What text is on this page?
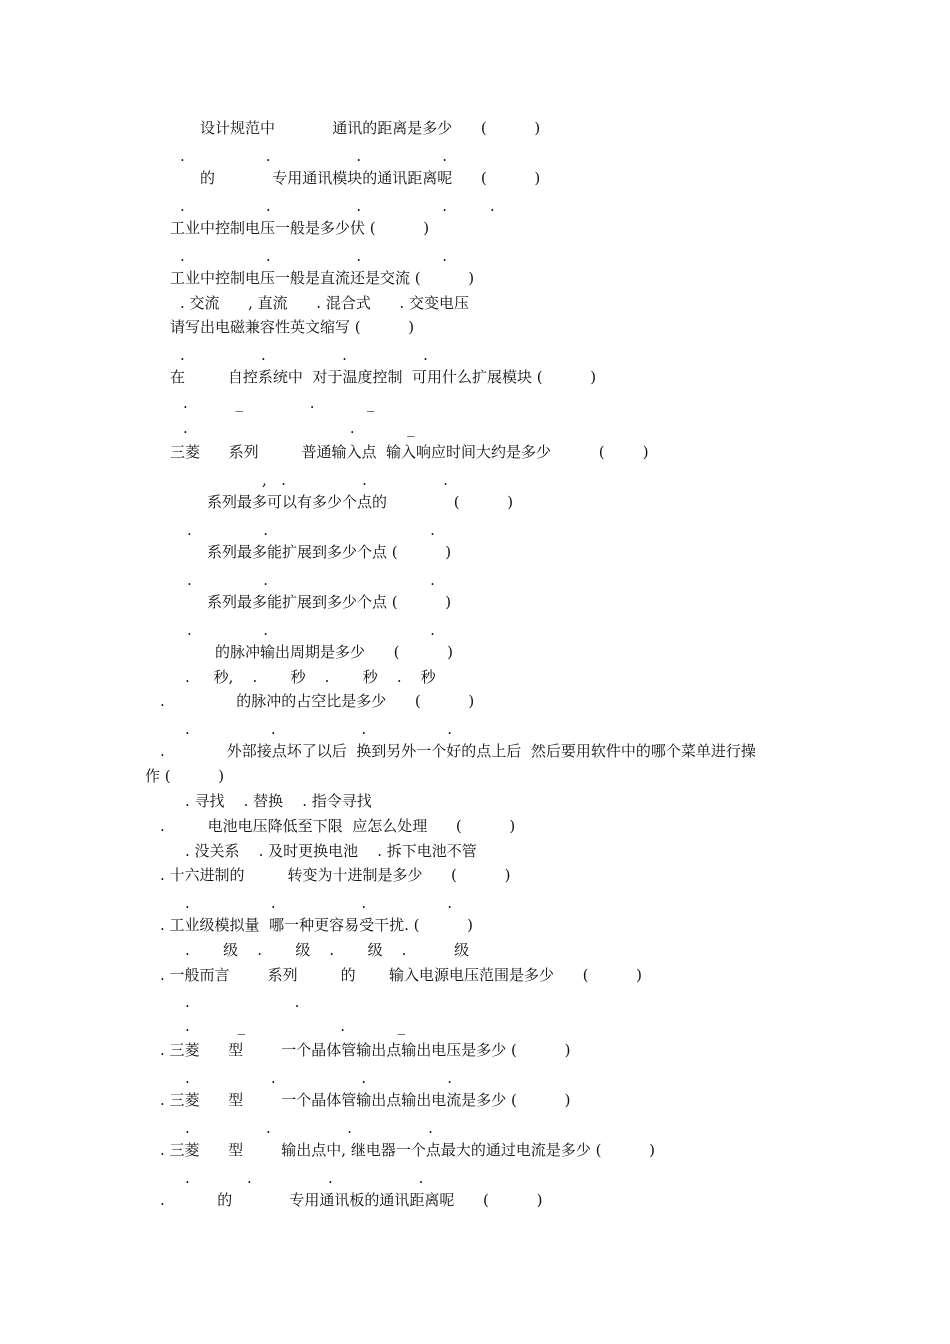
设计规范中            通讯的距离是多少      (          )
.                 .                  .                 .
的            专用通讯模块的通讯距离呢      (          )
.                 .                  .                 .         .
工业中控制电压一般是多少伏 (          )
.                 .                  .                 .
工业中控制电压一般是直流还是交流 (          )
. 交流      , 直流      . 混合式      . 交变电压
请写出电磁兼容性英文缩写 (          )
.                .                .                .
在         自控系统中  对于温度控制  可用什么扩展模块 (          )
.          _              .           _
.                                  .           _
三菱      系列         普通输入点  输入响应时间大约是多少          (        )
,   .                .                .
系列最多可以有多少个点的              (          )
.               .                                  .
系列最多能扩展到多少个点 (          )
.               .                                  .
系列最多能扩展到多少个点 (          )
.               .                                  .
的脉冲输出周期是多少      (          )
.     秒,    .       秒    .       秒    .    秒
.               的脉冲的占空比是多少      (          )
.                 .                  .                 .
.             外部接点坏了以后  换到另外一个好的点上后  然后要用软件中的哪个菜单进行操
作 (          )
. 寻找    . 替换    . 指令寻找
.         电池电压降低至下限  应怎么处理      (          )
. 没关系    . 及时更换电池    . 拆下电池不管
. 十六进制的         转变为十进制是多少      (          )
.                 .                  .                 .
. 工业级模拟量  哪一种更容易受干扰. (          )
.       级    .       级    .       级    .          级
. 一般而言        系列         的       输入电源电压范围是多少      (          )
.                      .
.          _                    .           _
. 三菱      型        一个晶体管输出点输出电压是多少 (          )
.                 .                  .                 .
. 三菱      型        一个晶体管输出点输出电流是多少 (          )
.                .                .                .
. 三菱      型        输出点中, 继电器一个点最大的通过电流是多少 (          )
.            .                .                  .
.           的            专用通讯板的通讯距离呢      (          )
